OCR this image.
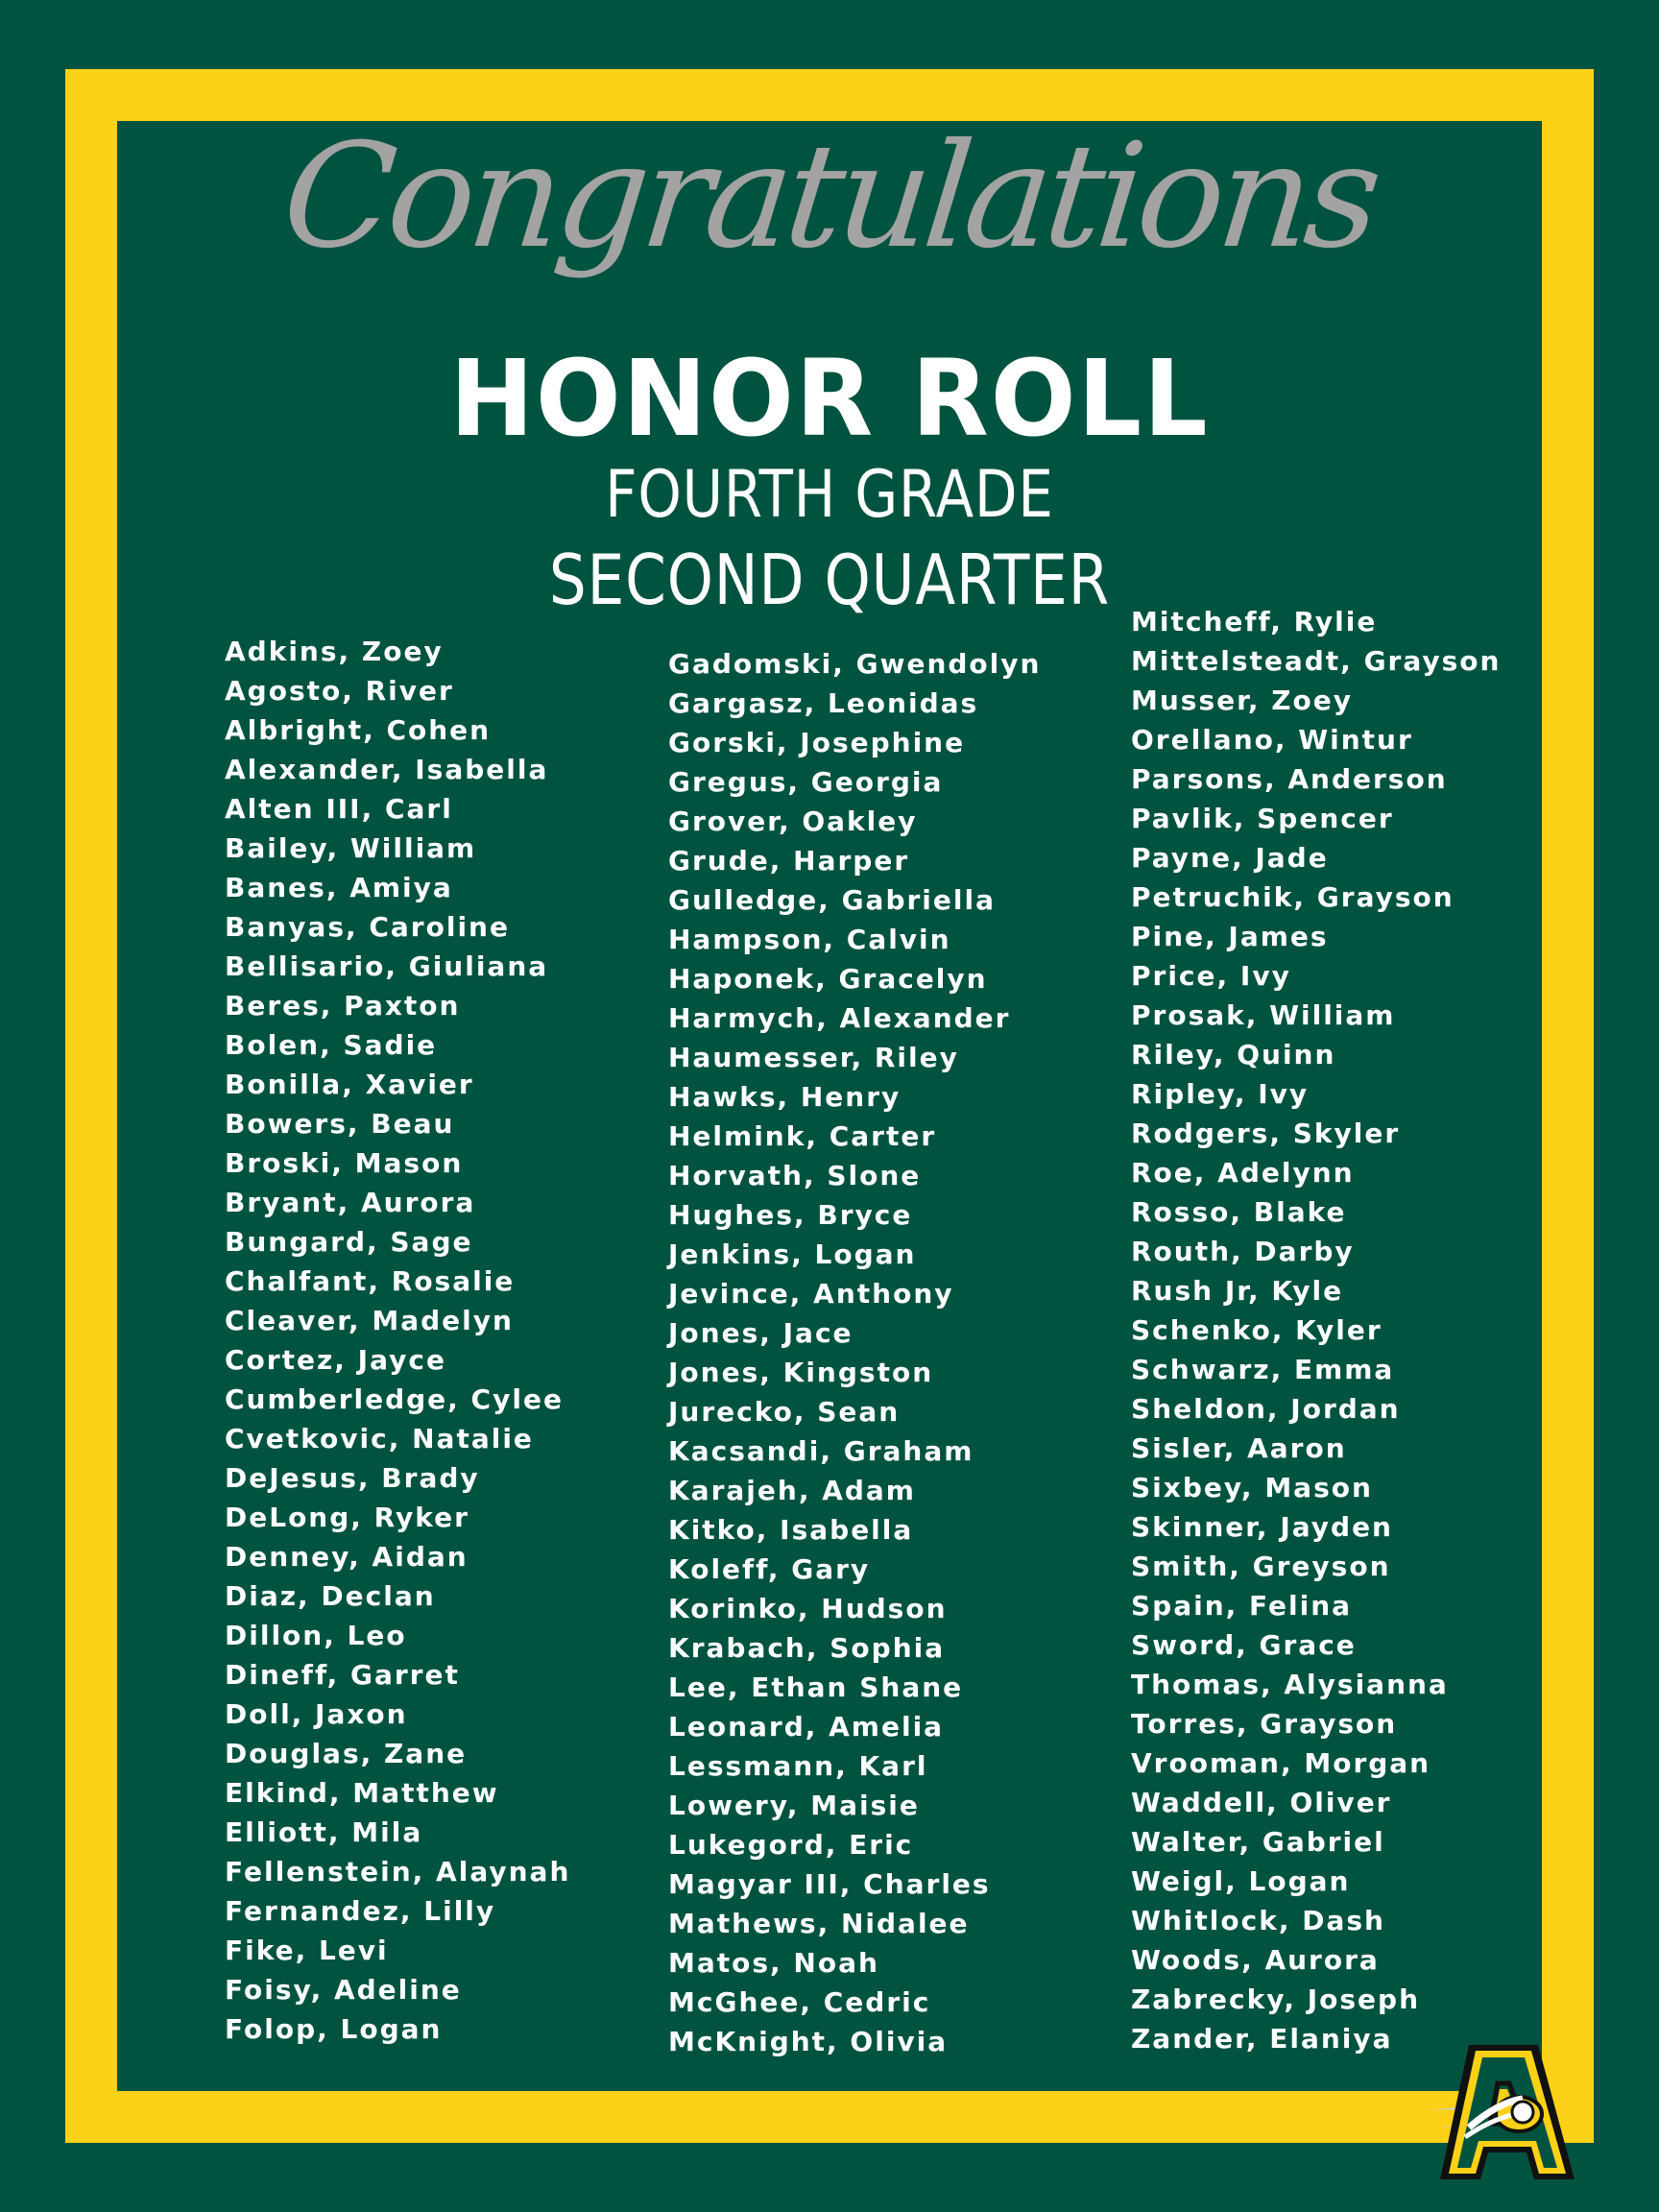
Congratulations
HONOR ROLL
FOURTH GRADE
SECOND QUARTER
Adkins, Zoey
Agosto, River
Albright, Cohen
Alexander, Isabella
Alten III, Carl
Bailey, William
Banes, Amiya
Banyas, Caroline
Bellisario, Giuliana
Beres, Paxton
Bolen, Sadie
Bonilla, Xavier
Bowers, Beau
Broski, Mason
Bryant, Aurora
Bungard, Sage
Chalfant, Rosalie
Cleaver, Madelyn
Cortez, Jayce
Cumberledge, Cylee
Cvetkovic, Natalie
DeJesus, Brady
DeLong, Ryker
Denney, Aidan
Diaz, Declan
Dillon, Leo
Dineff, Garret
Doll, Jaxon
Douglas, Zane
Elkind, Matthew
Elliott, Mila
Fellenstein, Alaynah
Fernandez, Lilly
Fike, Levi
Foisy, Adeline
Folop, Logan
Gadomski, Gwendolyn
Gargasz, Leonidas
Gorski, Josephine
Gregus, Georgia
Grover, Oakley
Grude, Harper
Gulledge, Gabriella
Hampson, Calvin
Haponek, Gracelyn
Harmych, Alexander
Haumesser, Riley
Hawks, Henry
Helmink, Carter
Horvath, Slone
Hughes, Bryce
Jenkins, Logan
Jevince, Anthony
Jones, Jace
Jones, Kingston
Jurecko, Sean
Kacsandi, Graham
Karajeh, Adam
Kitko, Isabella
Koleff, Gary
Korinko, Hudson
Krabach, Sophia
Lee, Ethan Shane
Leonard, Amelia
Lessmann, Karl
Lowery, Maisie
Lukegord, Eric
Magyar III, Charles
Mathews, Nidalee
Matos, Noah
McGhee, Cedric
McKnight, Olivia
Mitcheff, Rylie
Mittelsteadt, Grayson
Musser, Zoey
Orellano, Wintur
Parsons, Anderson
Pavlik, Spencer
Payne, Jade
Petruchik, Grayson
Pine, James
Price, Ivy
Prosak, William
Riley, Quinn
Ripley, Ivy
Rodgers, Skyler
Roe, Adelynn
Rosso, Blake
Routh, Darby
Rush Jr, Kyle
Schenko, Kyler
Schwarz, Emma
Sheldon, Jordan
Sisler, Aaron
Sixbey, Mason
Skinner, Jayden
Smith, Greyson
Spain, Felina
Sword, Grace
Thomas, Alysianna
Torres, Grayson
Vrooman, Morgan
Waddell, Oliver
Walter, Gabriel
Weigl, Logan
Whitlock, Dash
Woods, Aurora
Zabrecky, Joseph
Zander, Elaniya
